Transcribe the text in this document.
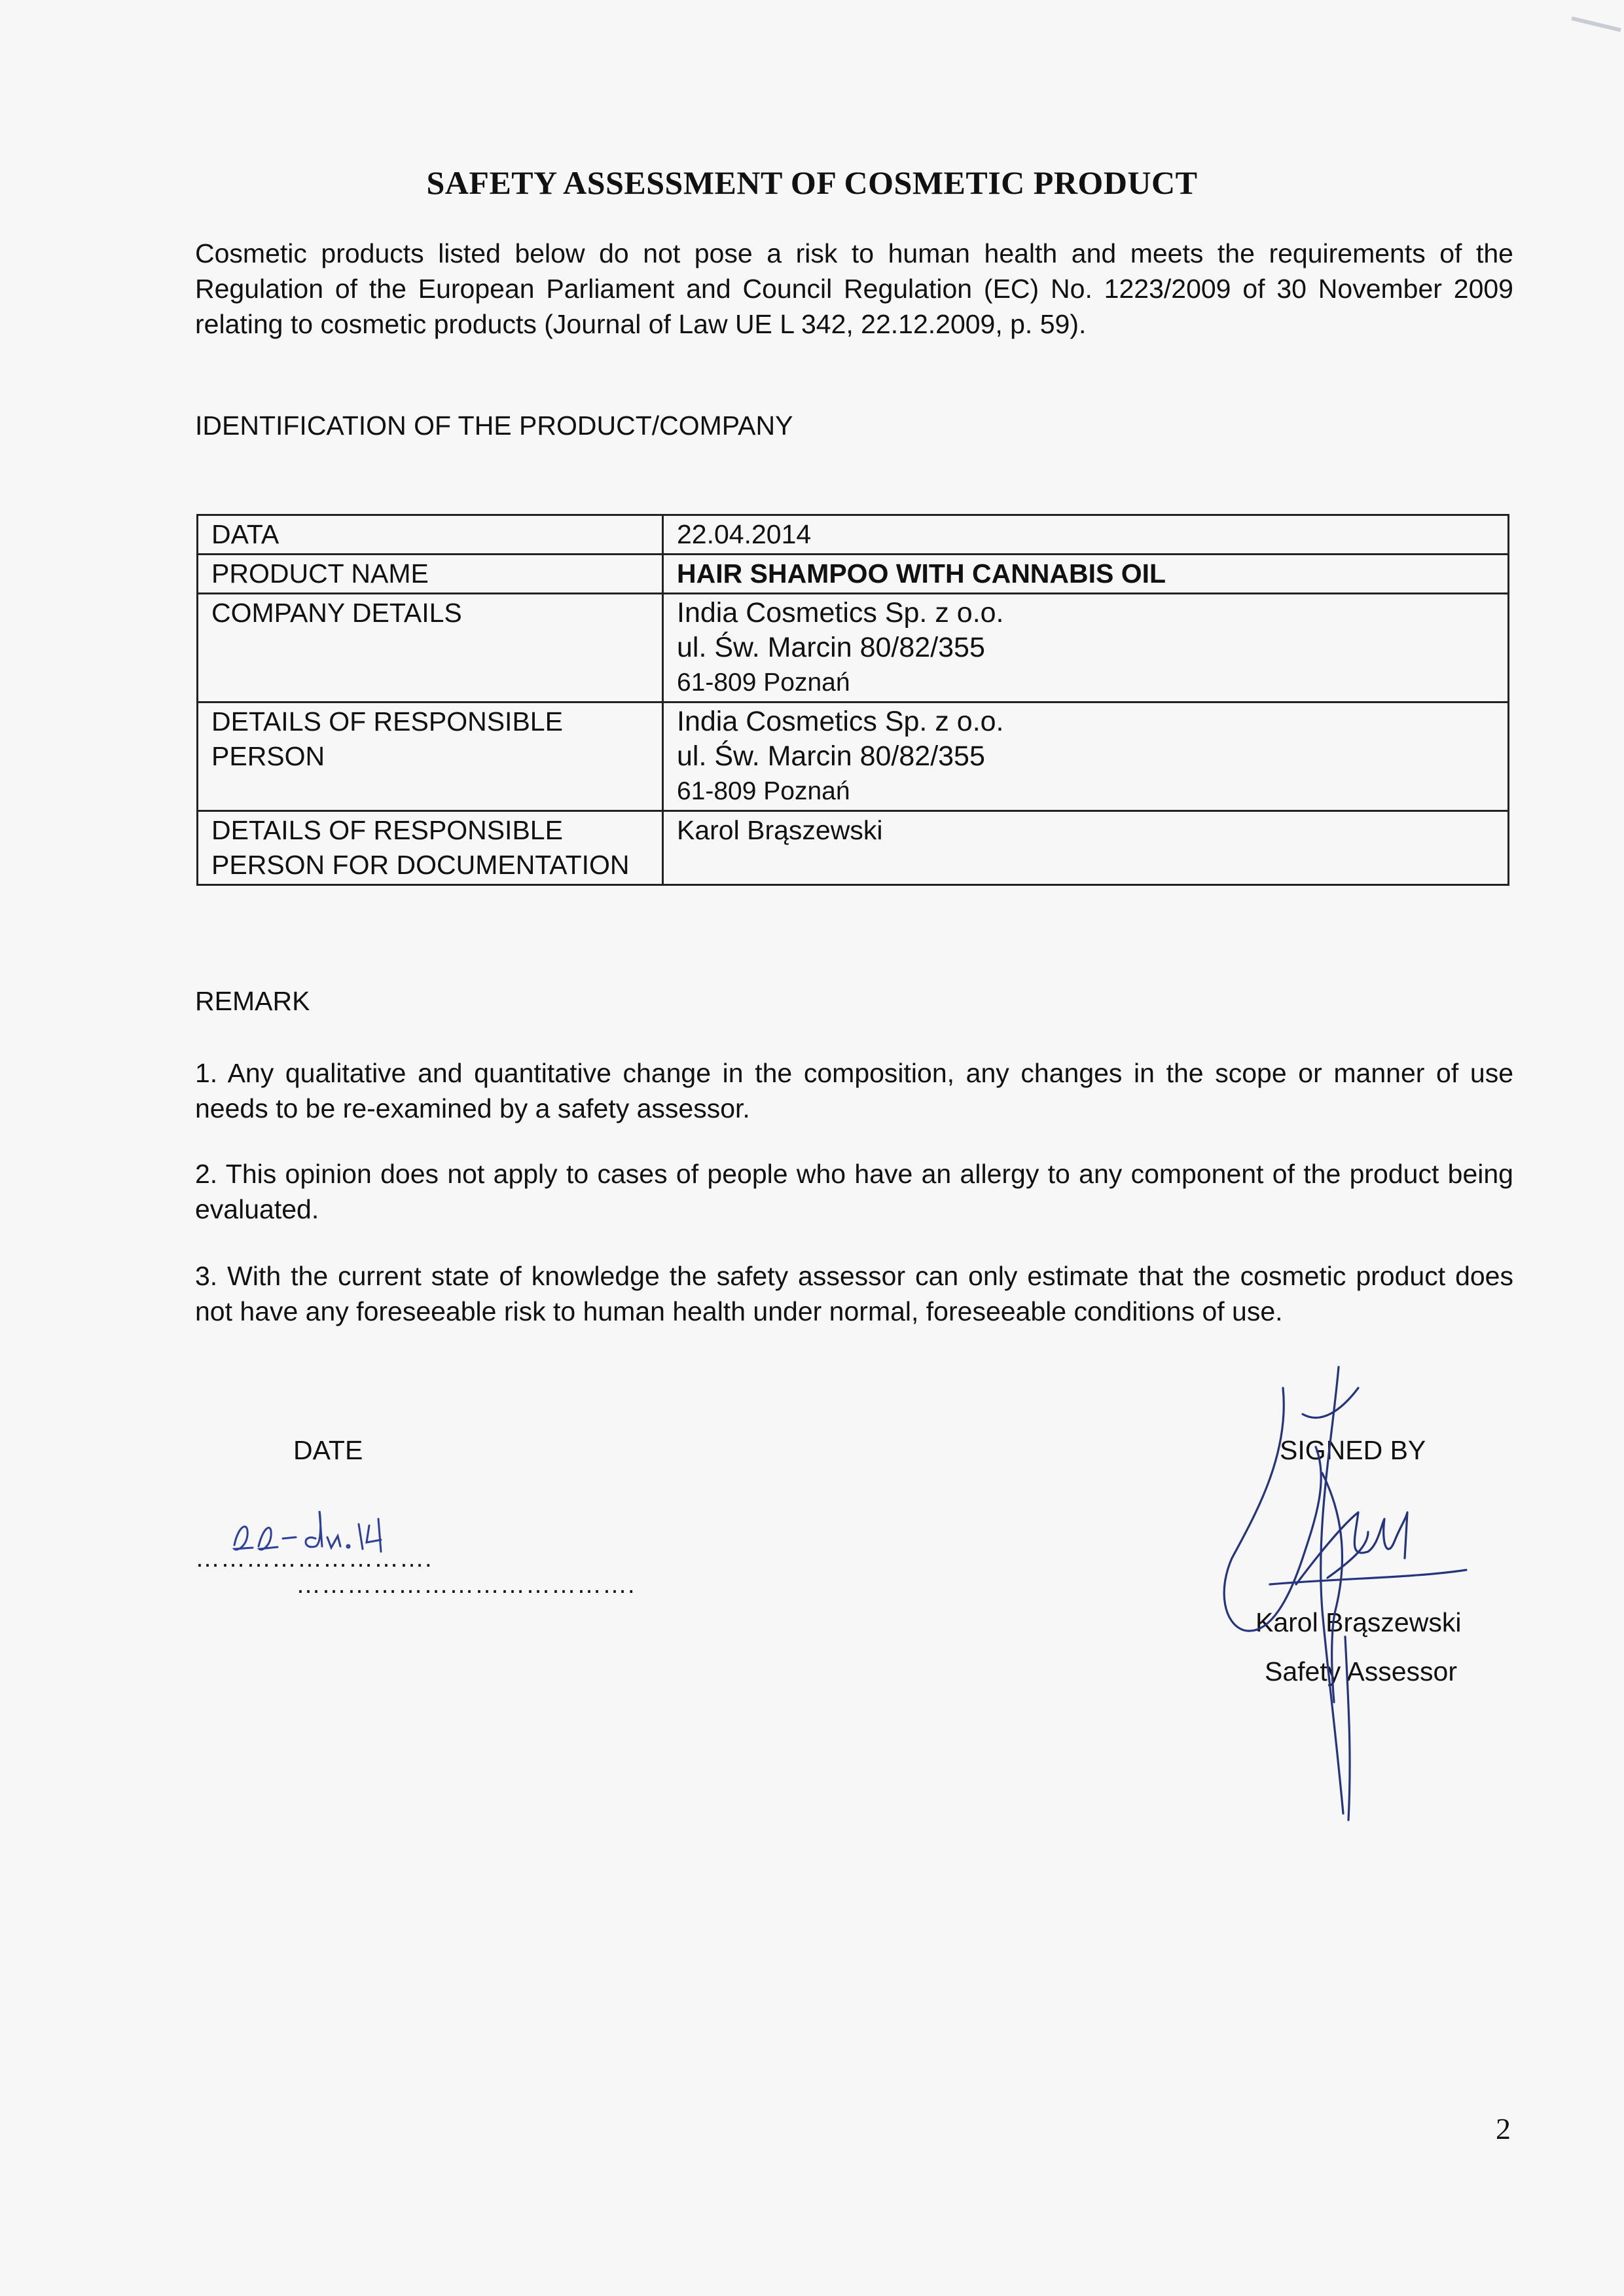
SAFETY ASSESSMENT OF COSMETIC PRODUCT
Cosmetic products listed below do not pose a risk to human health and meets the requirements of the Regulation of the European Parliament and Council Regulation (EC) No. 1223/2009 of 30 November 2009 relating to cosmetic products (Journal of Law UE L 342, 22.12.2009, p. 59).
IDENTIFICATION OF THE PRODUCT/COMPANY
DATA	22.04.2014
PRODUCT NAME	HAIR SHAMPOO WITH CANNABIS OIL
COMPANY DETAILS	India Cosmetics Sp. z o.o.
ul. Św. Marcin 80/82/355
61-809 Poznań

DETAILS OF RESPONSIBLE PERSON	India Cosmetics Sp. z o.o.
ul. Św. Marcin 80/82/355
61-809 Poznań

DETAILS OF RESPONSIBLE PERSON FOR DOCUMENTATION	Karol Brąszewski
REMARK
1. Any qualitative and quantitative change in the composition, any changes in the scope or manner of use needs to be re-examined by a safety assessor.
2. This opinion does not apply to cases of people who have an allergy to any component of the product being evaluated.
3. With the current state of knowledge the safety assessor can only estimate that the cosmetic product does not have any foreseeable risk to human health under normal, foreseeable conditions of use.
DATE
22-04.14
……………………….
………………………………….
SIGNED BY
Karol Brąszewski
Safety Assessor
2
